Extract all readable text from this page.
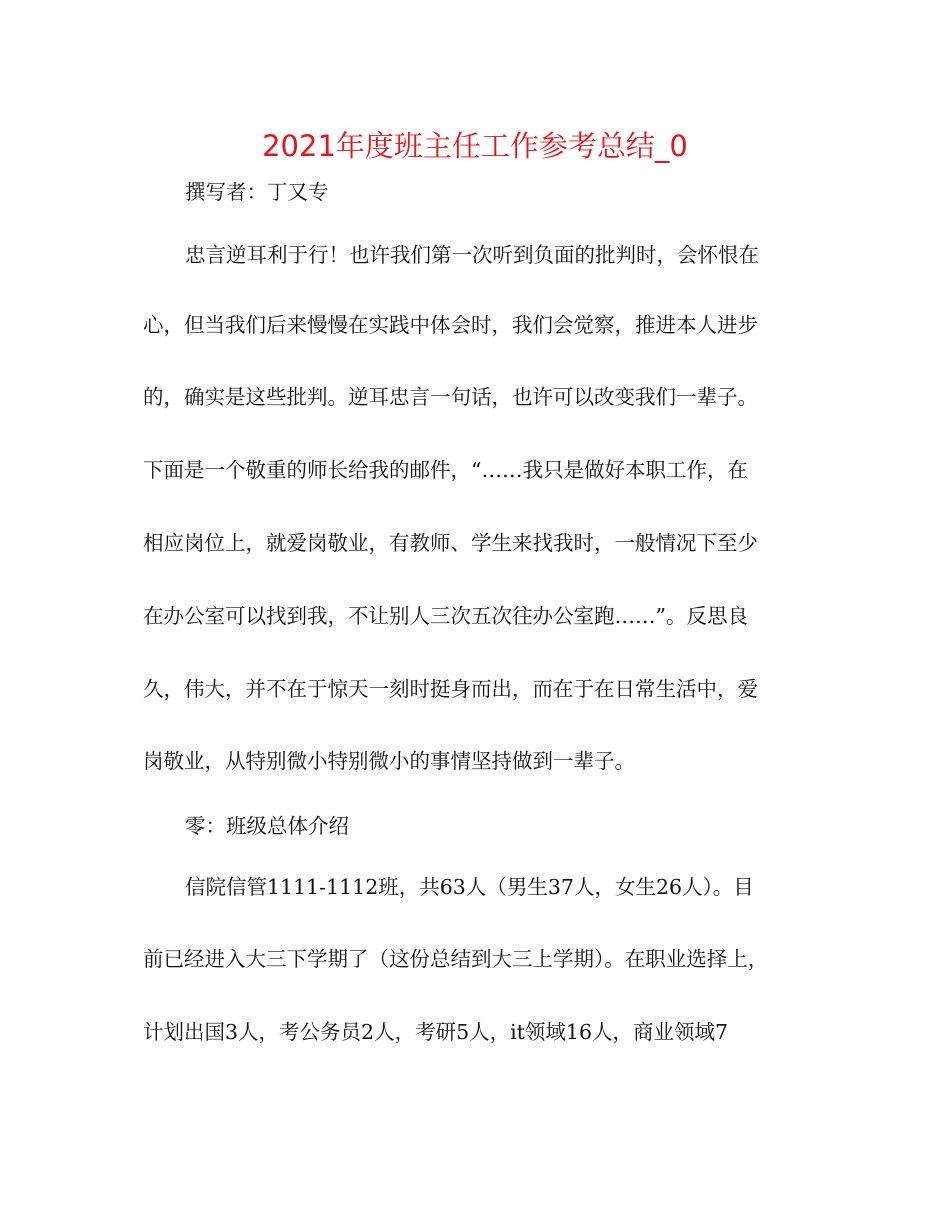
2021年度班主任工作参考总结_0

撰写者：丁又专

忠言逆耳利于行！也许我们第一次听到负面的批判时，会怀恨在

心，但当我们后来慢慢在实践中体会时，我们会觉察，推进本人进步

的，确实是这些批判。逆耳忠言一句话，也许可以改变我们一辈子。

下面是一个敬重的师长给我的邮件，“……我只是做好本职工作，在

相应岗位上，就爱岗敬业，有教师、学生来找我时，一般情况下至少

在办公室可以找到我，不让别人三次五次往办公室跑……”。反思良

久，伟大，并不在于惊天一刻时挺身而出，而在于在日常生活中，爱

岗敬业，从特别微小特别微小的事情坚持做到一辈子。

零：班级总体介绍

信院信管1111-1112班，共63人（男生37人，女生26人）。目

前已经进入大三下学期了（这份总结到大三上学期）。在职业选择上，

计划出国3人，考公务员2人，考研5人，it领域16人，商业领域7
